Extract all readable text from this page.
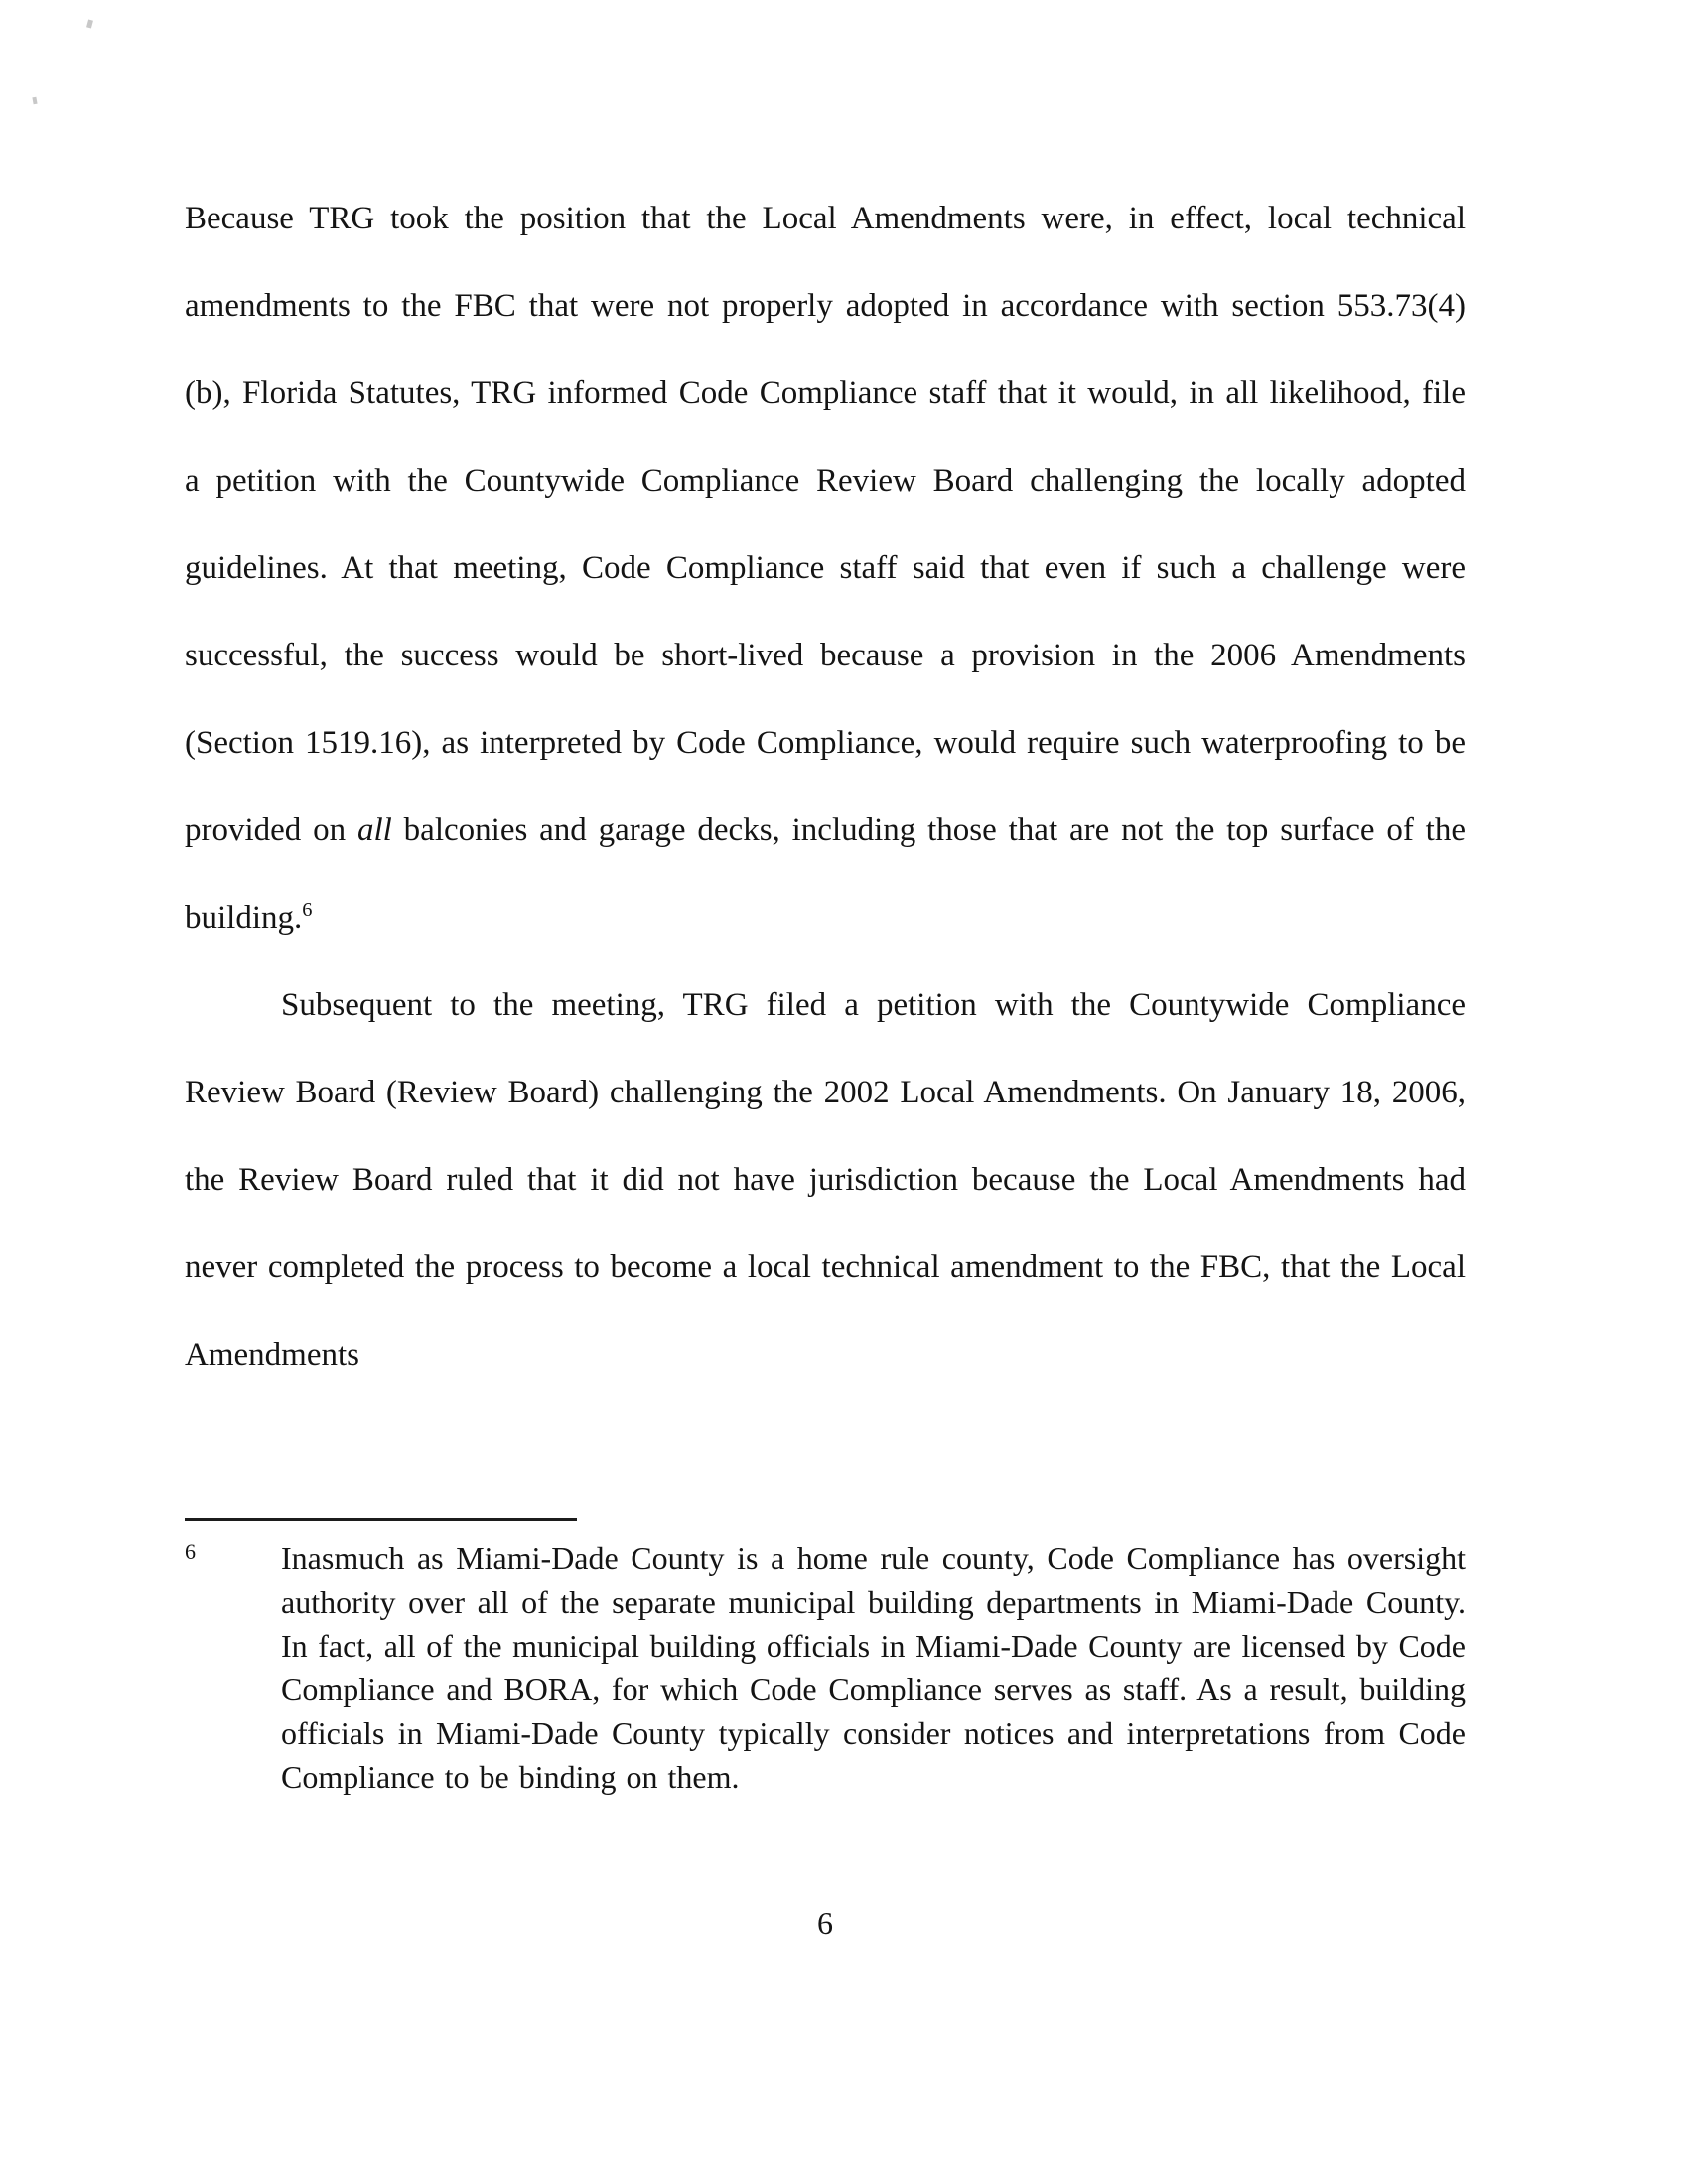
Because TRG took the position that the Local Amendments were, in effect, local technical amendments to the FBC that were not properly adopted in accordance with section 553.73(4)(b), Florida Statutes, TRG informed Code Compliance staff that it would, in all likelihood, file a petition with the Countywide Compliance Review Board challenging the locally adopted guidelines. At that meeting, Code Compliance staff said that even if such a challenge were successful, the success would be short-lived because a provision in the 2006 Amendments (Section 1519.16), as interpreted by Code Compliance, would require such waterproofing to be provided on all balconies and garage decks, including those that are not the top surface of the building.$^6$

Subsequent to the meeting, TRG filed a petition with the Countywide Compliance Review Board (Review Board) challenging the 2002 Local Amendments. On January 18, 2006, the Review Board ruled that it did not have jurisdiction because the Local Amendments had never completed the process to become a local technical amendment to the FBC, that the Local Amendments

6	Inasmuch as Miami-Dade County is a home rule county, Code Compliance has oversight authority over all of the separate municipal building departments in Miami-Dade County. In fact, all of the municipal building officials in Miami-Dade County are licensed by Code Compliance and BORA, for which Code Compliance serves as staff. As a result, building officials in Miami-Dade County typically consider notices and interpretations from Code Compliance to be binding on them.
6
